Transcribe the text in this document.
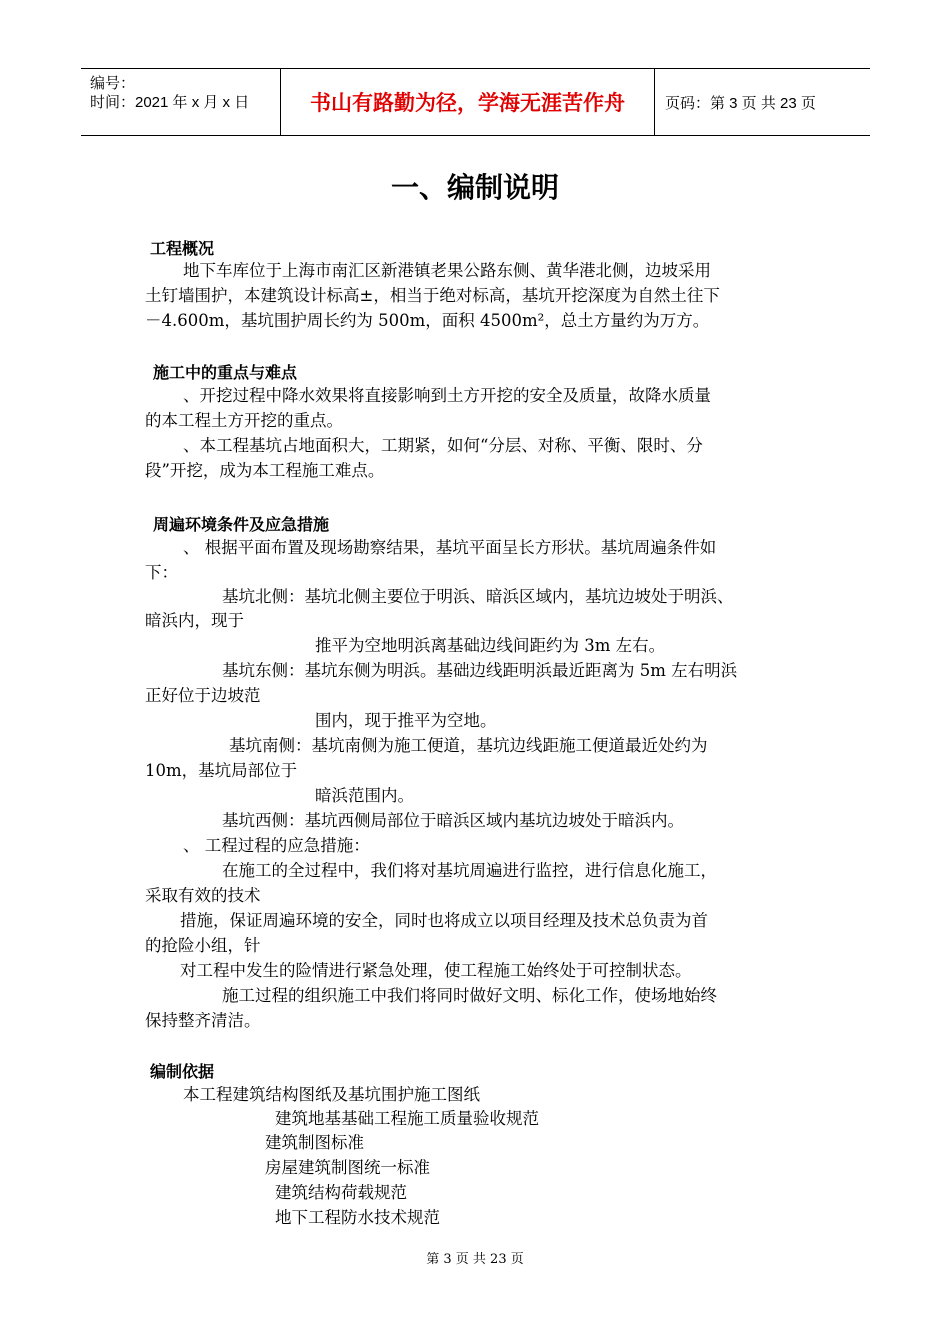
编号：
时间：2021 年 x 月 x 日	书山有路勤为径，学海无涯苦作舟	页码：第 3 页 共 23 页
一、编制说明
工程概况
地下车库位于上海市南汇区新港镇老果公路东侧、黄华港北侧，边坡采用
土钉墙围护，本建筑设计标高±，相当于绝对标高，基坑开挖深度为自然土往下
－4.600m，基坑围护周长约为 500m，面积 4500m²，总土方量约为万方。
施工中的重点与难点
、开挖过程中降水效果将直接影响到土方开挖的安全及质量，故降水质量
的本工程土方开挖的重点。
、本工程基坑占地面积大，工期紧，如何“分层、对称、平衡、限时、分
段”开挖，成为本工程施工难点。
周遍环境条件及应急措施
、 根据平面布置及现场勘察结果，基坑平面呈长方形状。基坑周遍条件如
下：
基坑北侧：基坑北侧主要位于明浜、暗浜区域内，基坑边坡处于明浜、
暗浜内，现于
推平为空地明浜离基础边线间距约为 3m 左右。
基坑东侧：基坑东侧为明浜。基础边线距明浜最近距离为 5m 左右明浜
正好位于边坡范
围内，现于推平为空地。
基坑南侧：基坑南侧为施工便道，基坑边线距施工便道最近处约为
10m，基坑局部位于
暗浜范围内。
基坑西侧：基坑西侧局部位于暗浜区域内基坑边坡处于暗浜内。
、 工程过程的应急措施：
在施工的全过程中，我们将对基坑周遍进行监控，进行信息化施工，
采取有效的技术
措施，保证周遍环境的安全，同时也将成立以项目经理及技术总负责为首
的抢险小组，针
对工程中发生的险情进行紧急处理，使工程施工始终处于可控制状态。
施工过程的组织施工中我们将同时做好文明、标化工作，使场地始终
保持整齐清洁。
编制依据
本工程建筑结构图纸及基坑围护施工图纸
建筑地基基础工程施工质量验收规范
建筑制图标准
房屋建筑制图统一标准
建筑结构荷载规范
地下工程防水技术规范
第 3 页 共 23 页
